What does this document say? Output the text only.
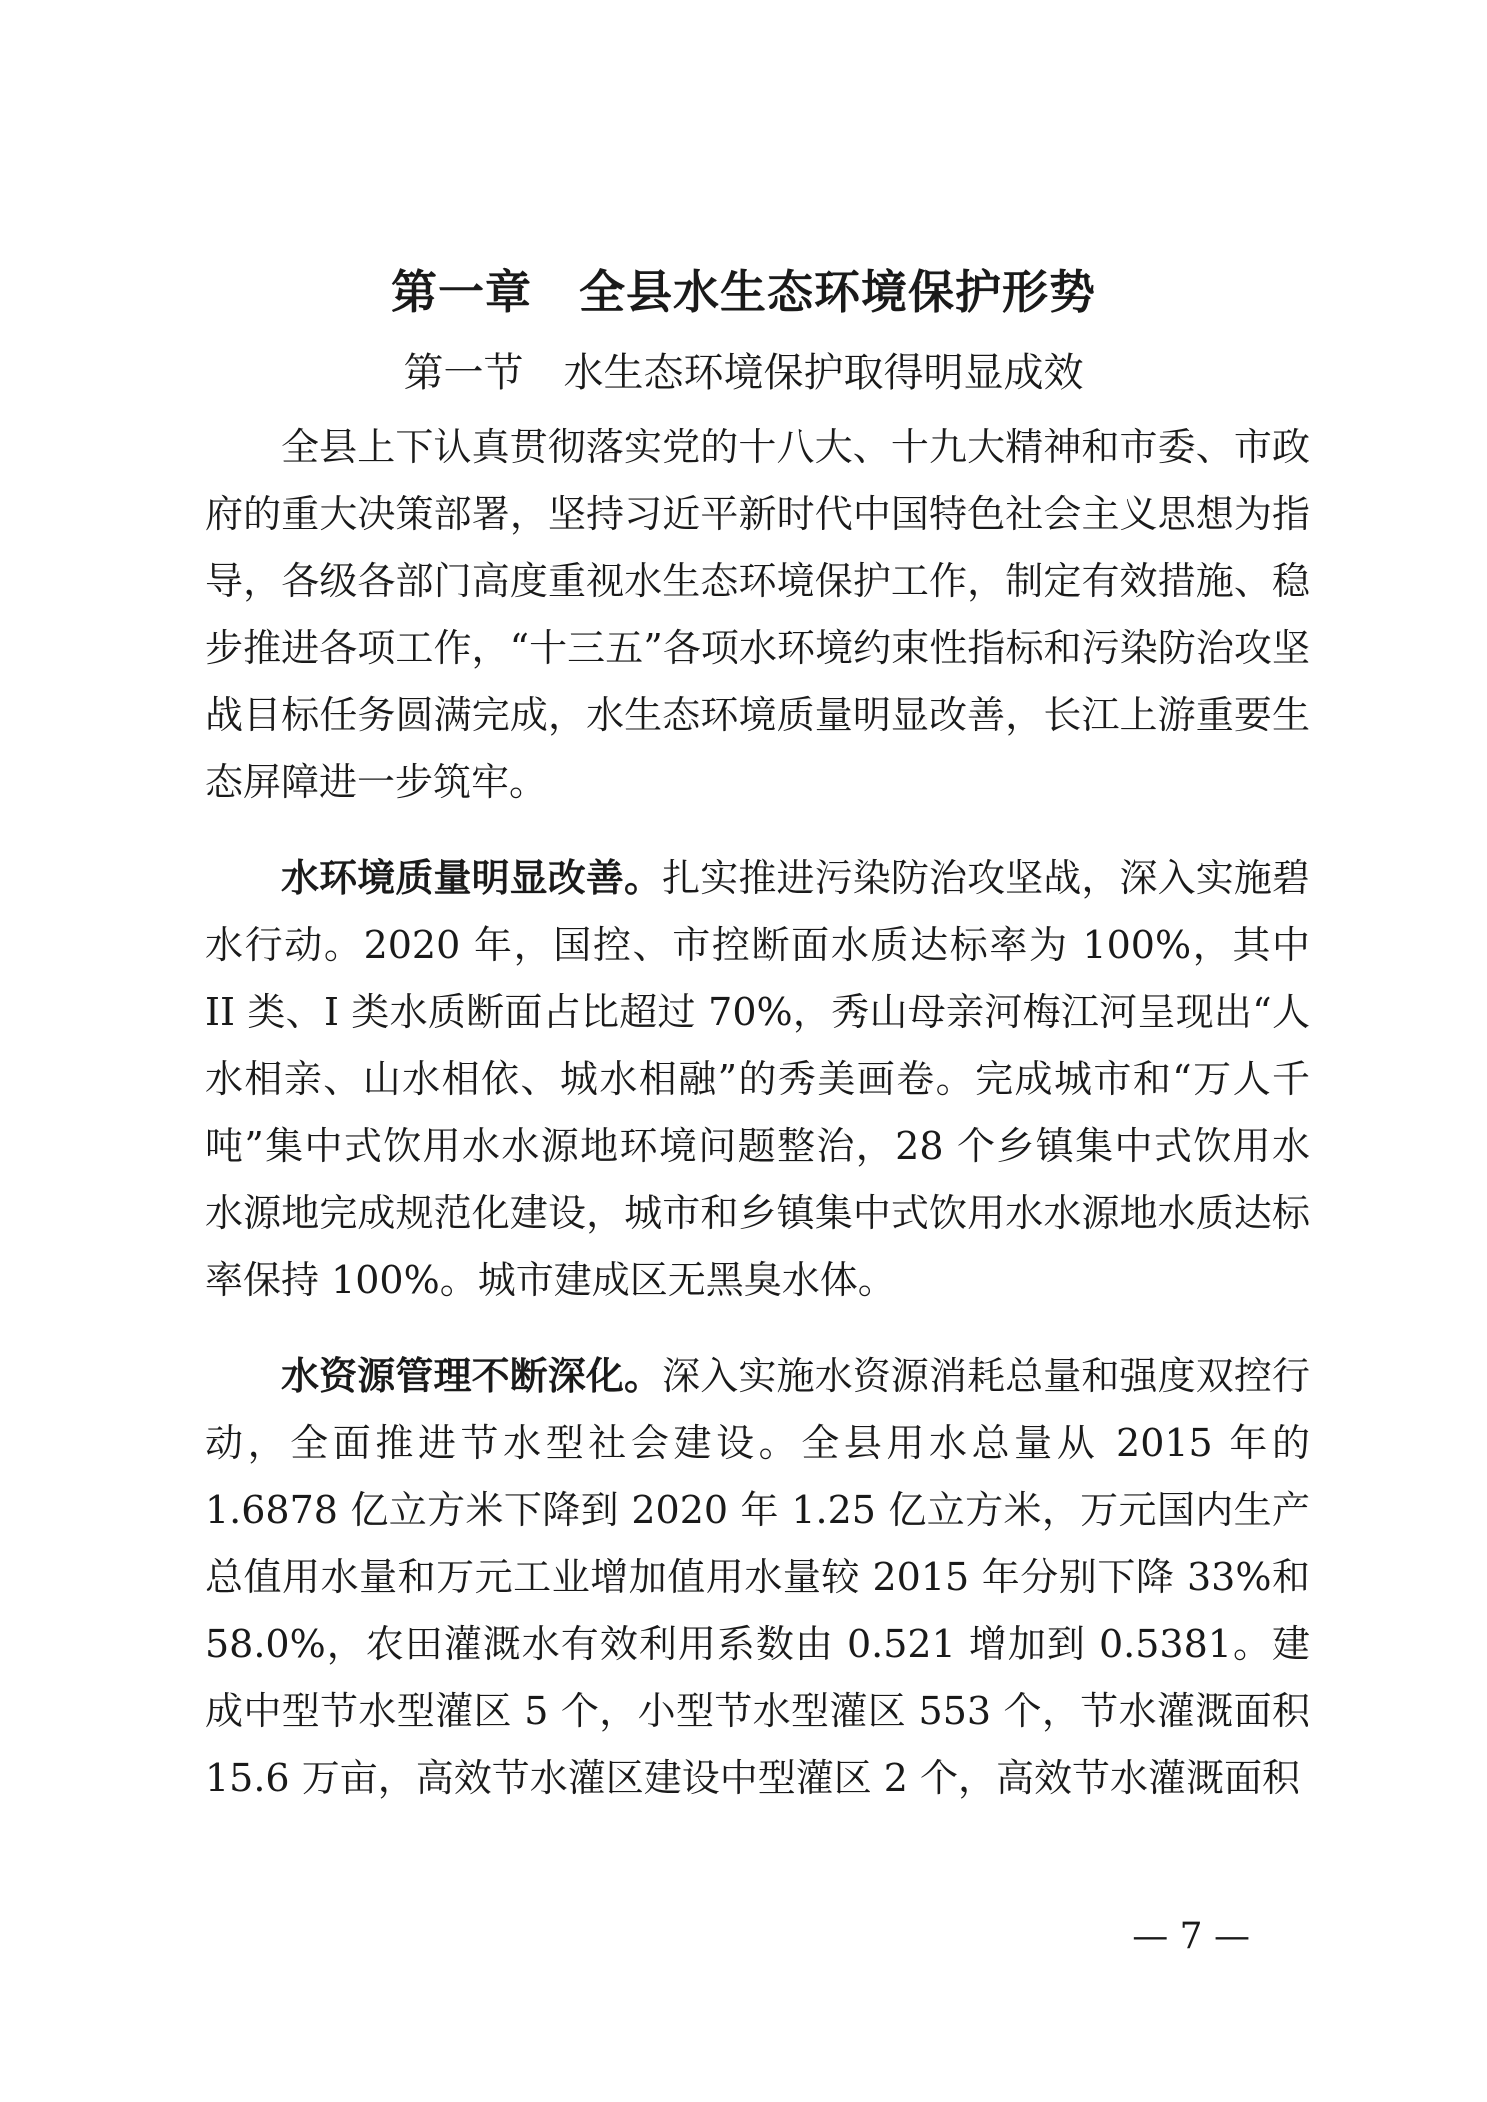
第一章　全县水生态环境保护形势
第一节　水生态环境保护取得明显成效

全县上下认真贯彻落实党的十八大、十九大精神和市委、市政府的重大决策部署，坚持习近平新时代中国特色社会主义思想为指导，各级各部门高度重视水生态环境保护工作，制定有效措施、稳步推进各项工作，“十三五”各项水环境约束性指标和污染防治攻坚战目标任务圆满完成，水生态环境质量明显改善，长江上游重要生态屏障进一步筑牢。

水环境质量明显改善。扎实推进污染防治攻坚战，深入实施碧水行动。2020 年，国控、市控断面水质达标率为 100%，其中 II 类、I 类水质断面占比超过 70%，秀山母亲河梅江河呈现出“人水相亲、山水相依、城水相融”的秀美画卷。完成城市和“万人千吨”集中式饮用水水源地环境问题整治，28 个乡镇集中式饮用水水源地完成规范化建设，城市和乡镇集中式饮用水水源地水质达标率保持 100%。城市建成区无黑臭水体。

水资源管理不断深化。深入实施水资源消耗总量和强度双控行动，全面推进节水型社会建设。全县用水总量从 2015 年的 1.6878 亿立方米下降到 2020 年 1.25 亿立方米，万元国内生产总值用水量和万元工业增加值用水量较 2015 年分别下降 33%和 58.0%，农田灌溉水有效利用系数由 0.521 增加到 0.5381。建成中型节水型灌区 5 个，小型节水型灌区 553 个，节水灌溉面积 15.6 万亩，高效节水灌区建设中型灌区 2 个，高效节水灌溉面积

— 7 —
